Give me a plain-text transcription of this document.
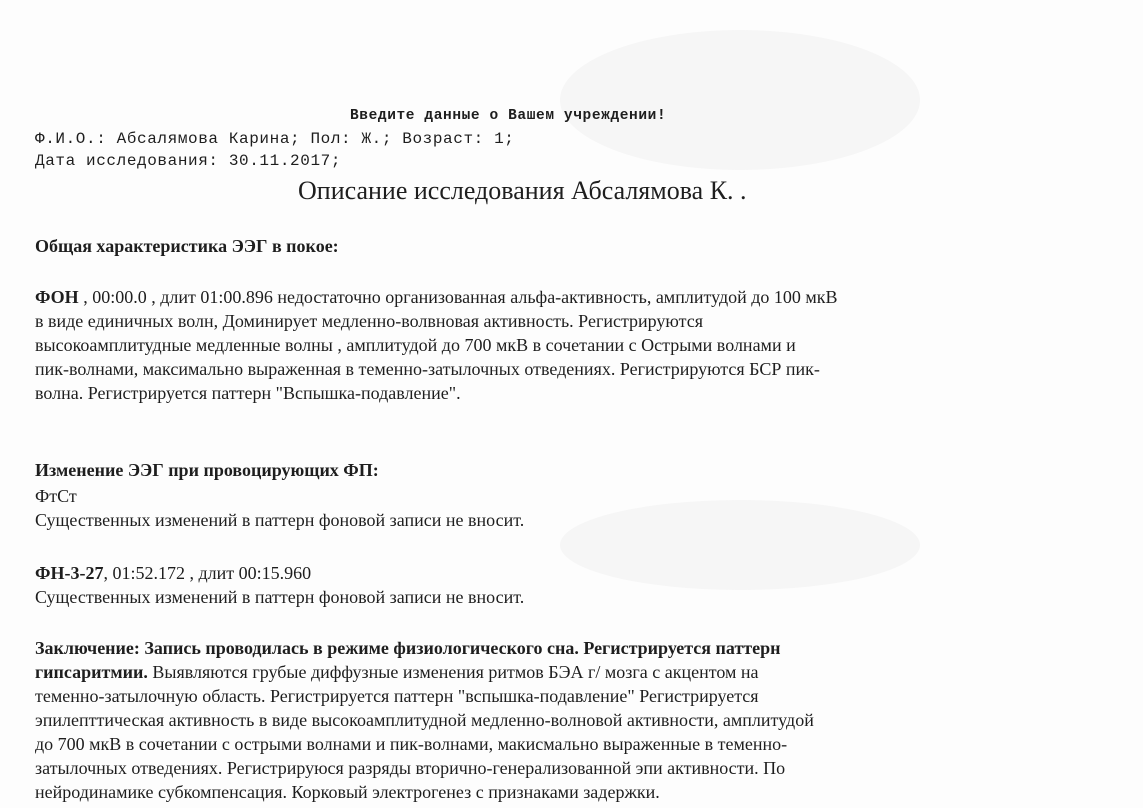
Введите данные о Вашем учреждении!
Ф.И.О.: Абсалямова Карина; Пол: Ж.; Возраст: 1;
Дата исследования: 30.11.2017;
Описание исследования Абсалямова К. .
Общая характеристика ЭЭГ в покое:
ФОН , 00:00.0 , длит 01:00.896 недостаточно организованная альфа-активность, амплитудой до 100 мкВ
в виде единичных волн, Доминирует медленно-волвновая активность. Регистрируются
высокоамплитудные медленные волны , амплитудой до 700 мкВ в сочетании с Острыми волнами и
пик-волнами, максимально выраженная в теменно-затылочных отведениях. Регистрируются БСР пик-
волна. Регистрируется паттерн "Вспышка-подавление".
Изменение ЭЭГ при провоцирующих ФП:
ФтСт
Существенных изменений в паттерн фоновой записи не вносит.
ФН-3-27, 01:52.172 , длит 00:15.960
Существенных изменений в паттерн фоновой записи не вносит.
Заключение: Запись проводилась в режиме физиологического сна. Регистрируется паттерн
гипсаритмии. Выявляются грубые диффузные изменения ритмов БЭА г/ мозга с акцентом на
теменно-затылочную область. Регистрируется паттерн "вспышка-подавление" Регистрируется
эпилепттическая активность в виде высокоамплитудной медленно-волновой активности, амплитудой
до 700 мкВ в сочетании с острыми волнами и пик-волнами, макисмально выраженные в теменно-
затылочных отведениях. Регистрируюся разряды вторично-генерализованной эпи активности. По
нейродинамике субкомпенсация. Корковый электрогенез с признаками задержки.
